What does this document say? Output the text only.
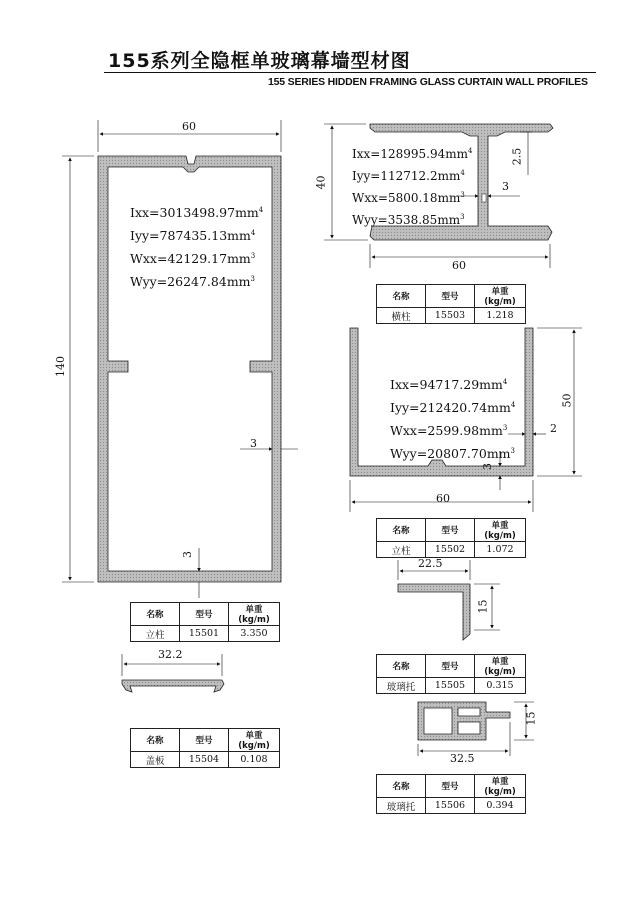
155系列全隐框单玻璃幕墙型材图
155 SERIES HIDDEN FRAMING GLASS CURTAIN WALL PROFILES
60
140
3
3
60
40
2.5
3
60
50
2
3
22.5
15
32.2
32.5
15
$Ixx=3013498.97mm^4$
$Iyy=787435.13mm^4$
$Wxx=42129.17mm^3$
$Wyy=26247.84mm^3$
$Ixx=128995.94mm^4$
$Iyy=112712.2mm^4$
$Wxx=5800.18mm^3$
$Wyy=3538.85mm^3$
$Ixx=94717.29mm^4$
$Iyy=212420.74mm^4$
$Wxx=2599.98mm^3$
$Wyy=20807.70mm^3$
名称	型号	单重(kg/m)
立柱	15501	3.350
名称	型号	单重(kg/m)
横柱	15503	1.218
名称	型号	单重(kg/m)
立柱	15502	1.072
名称	型号	单重(kg/m)
玻璃托	15505	0.315
名称	型号	单重(kg/m)
盖板	15504	0.108
名称	型号	单重(kg/m)
玻璃托	15506	0.394
